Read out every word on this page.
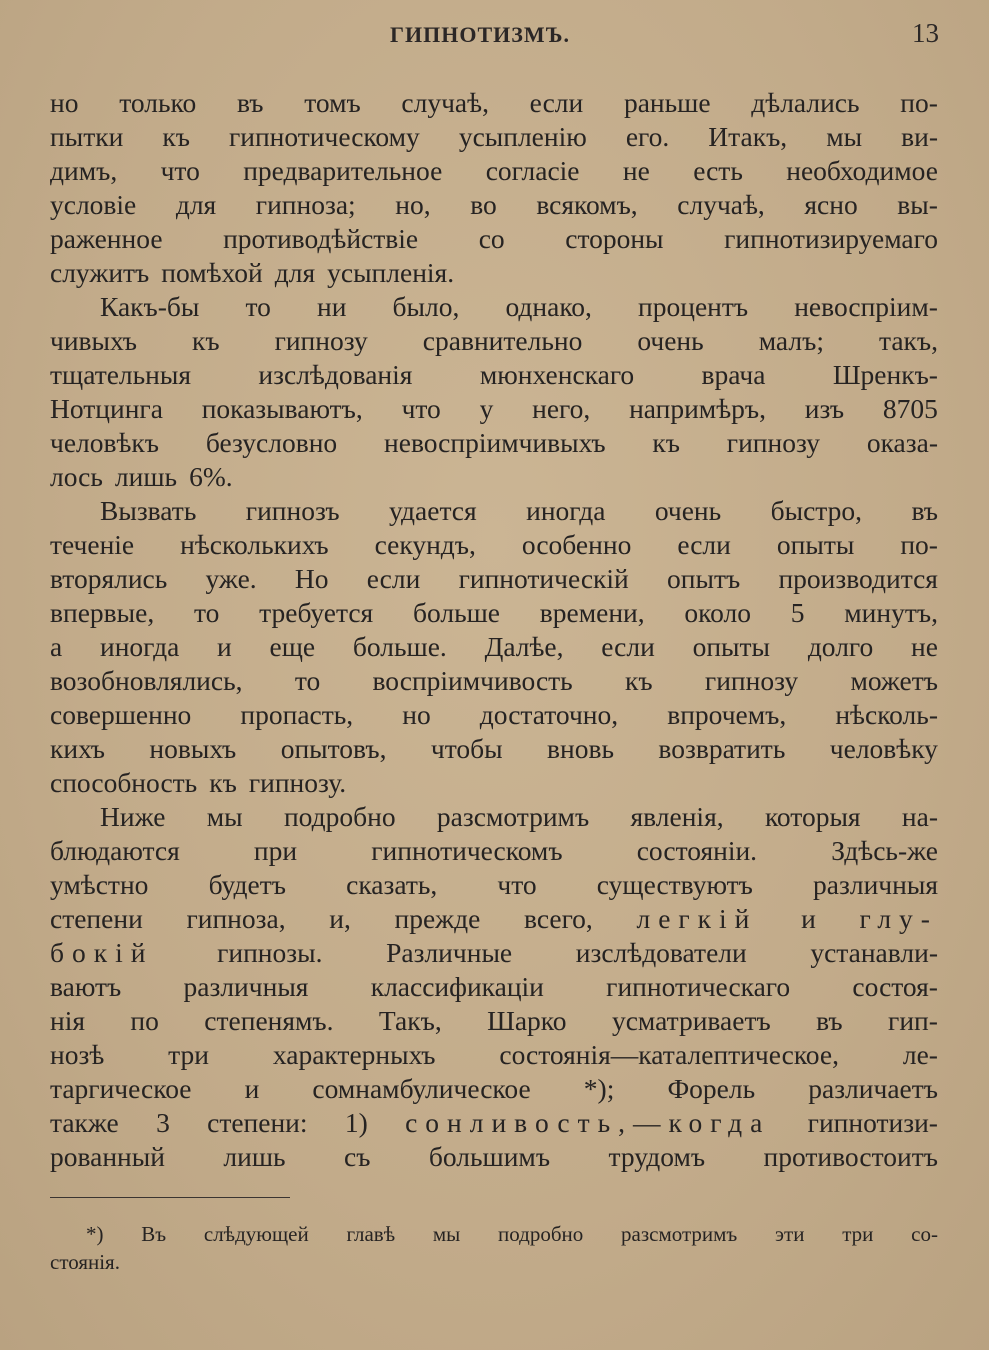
ГИПНОТИЗМЪ.	13
но только въ томъ случаѣ, если раньше дѣлались по-
пытки къ гипнотическому усыпленію его. Итакъ, мы ви-
димъ, что предварительное согласіе не есть необходимое
условіе для гипноза; но, во всякомъ, случаѣ, ясно вы-
раженное противодѣйствіе со стороны гипнотизируемаго
служитъ помѣхой для усыпленія.
Какъ-бы то ни было, однако, процентъ невоспріим-
чивыхъ къ гипнозу сравнительно очень малъ; такъ,
тщательныя изслѣдованія мюнхенскаго врача Шренкъ-
Нотцинга показываютъ, что у него, напримѣръ, изъ 8705
человѣкъ безусловно невоспріимчивыхъ къ гипнозу оказа-
лось лишь 6%.
Вызвать гипнозъ удается иногда очень быстро, въ
теченіе нѣсколькихъ секундъ, особенно если опыты по-
вторялись уже. Но если гипнотическій опытъ производится
впервые, то требуется больше времени, около 5 минутъ,
а иногда и еще больше. Далѣе, если опыты долго не
возобновлялись, то воспріимчивость къ гипнозу можетъ
совершенно пропасть, но достаточно, впрочемъ, нѣсколь-
кихъ новыхъ опытовъ, чтобы вновь возвратить человѣку
способность къ гипнозу.
Ниже мы подробно разсмотримъ явленія, которыя на-
блюдаются	при	гипнотическомъ	состояніи.	Здѣсь-же
умѣстно будетъ сказать, что существуютъ различныя
степени гипноза, и, прежде всего, легкій и глу-
бокій гипнозы. Различные изслѣдователи устанавли-
ваютъ различныя классификаціи гипнотическаго состоя-
нія по степенямъ. Такъ, Шарко усматриваетъ въ гип-
нозѣ три характерныхъ состоянія—каталептическое, ле-
таргическое и сомнамбулическое *); Форель различаетъ
также 3 степени: 1) сонливость,—когда гипнотизи-
рованный лишь съ большимъ трудомъ противостоитъ
*) Въ слѣдующей главѣ мы подробно разсмотримъ эти три со-
стоянія.
